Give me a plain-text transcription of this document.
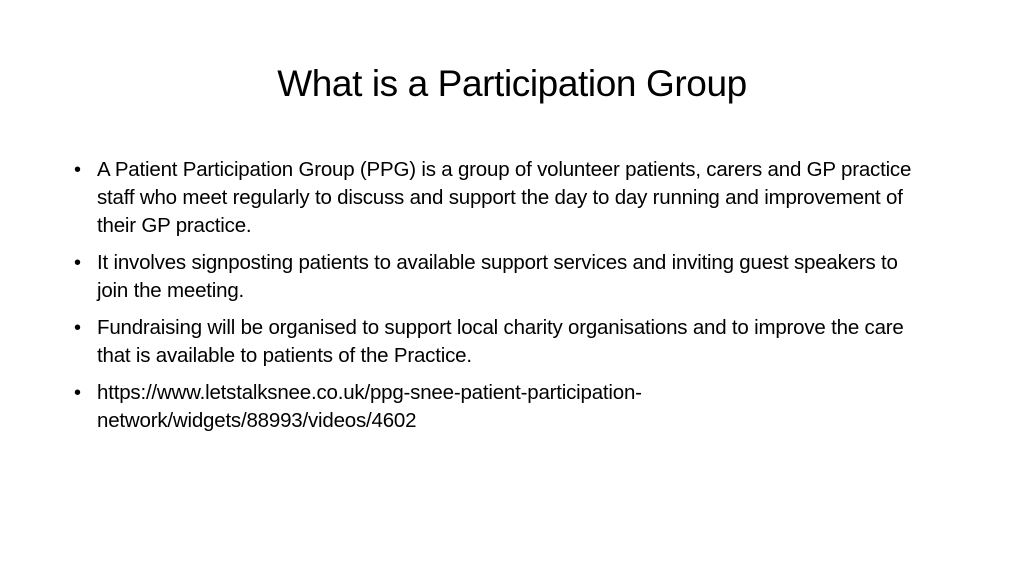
What is a Participation Group
• A Patient Participation Group (PPG) is a group of volunteer patients, carers and GP practice staff who meet regularly to discuss and support the day to day running and improvement of their GP practice.
• It involves signposting patients to available support services and inviting guest speakers to join the meeting.
• Fundraising will be organised to support local charity organisations and to improve the care that is available to patients of the Practice.
• https://www.letstalksnee.co.uk/ppg-snee-patient-participation-network/widgets/88993/videos/4602
